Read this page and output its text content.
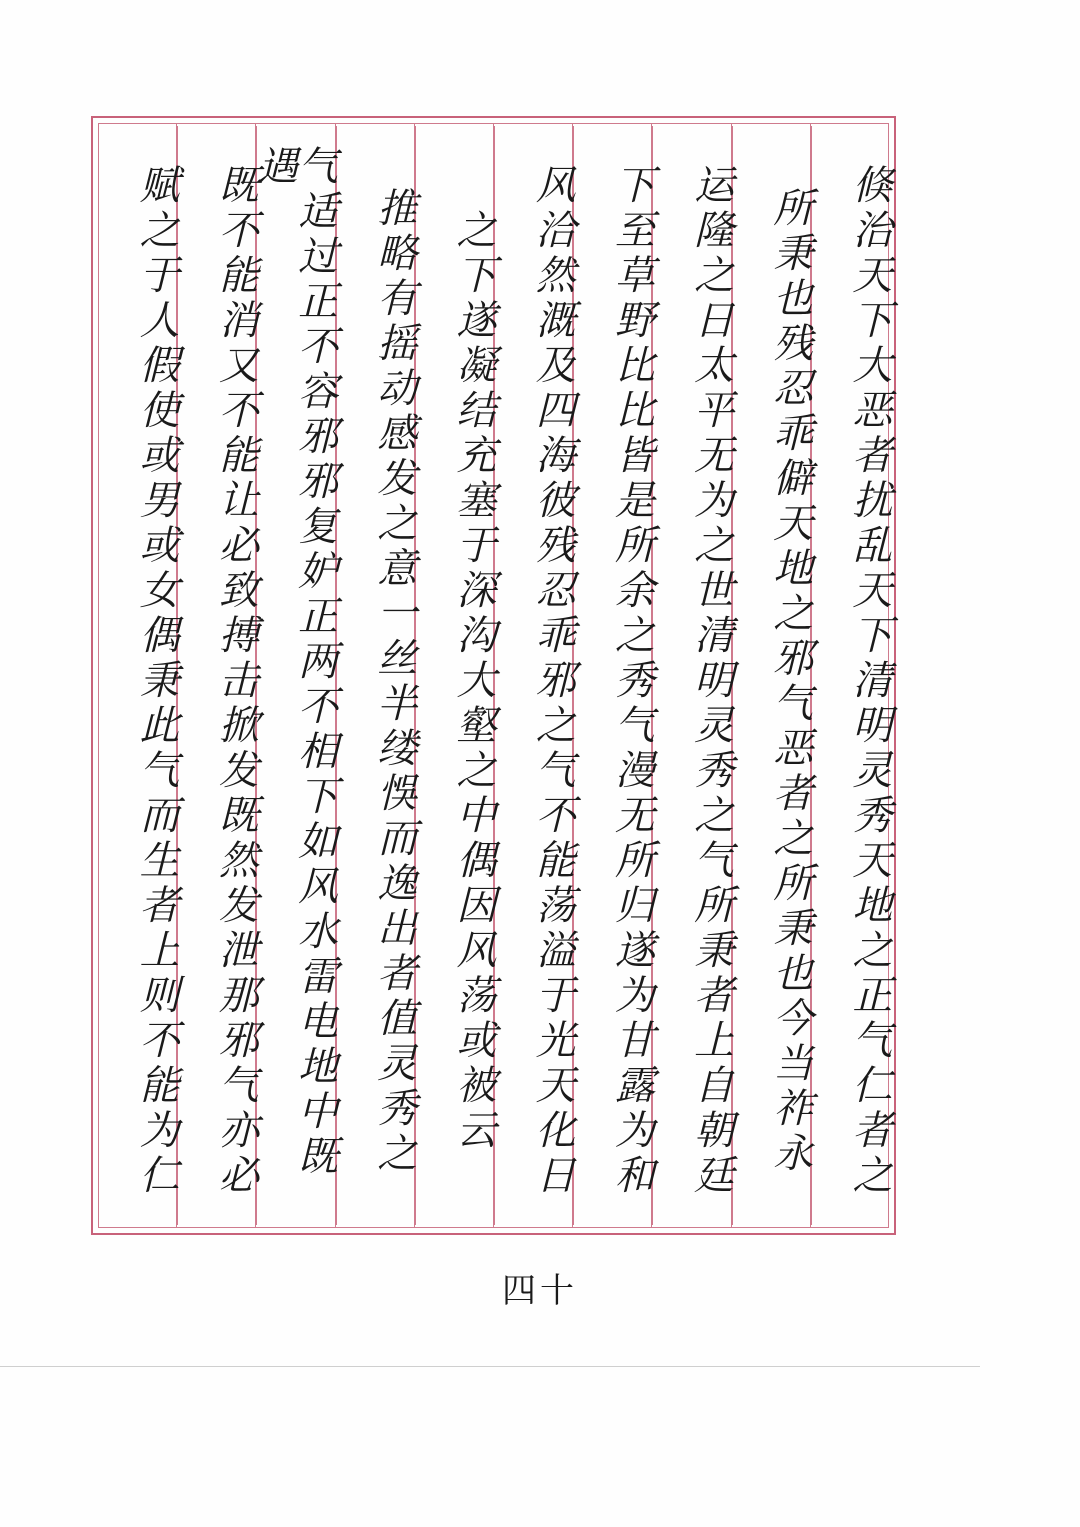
倏治天下大恶者扰乱天下清明灵秀天地之正气仁者之
所秉也残忍乖僻天地之邪气恶者之所秉也今当祚永
运隆之日太平无为之世清明灵秀之气所秉者上自朝廷
下至草野比比皆是所余之秀气漫无所归遂为甘露为和
风洽然溉及四海彼残忍乖邪之气不能荡溢于光天化日
之下遂凝结充塞于深沟大壑之中偶因风荡或被云
推略有摇动感发之意一丝半缕悞而逸出者值灵秀之
气适过正不容邪邪复妒正两不相下如风水雷电地中既遇
既不能消又不能让必致搏击掀发既然发泄那邪气亦必
赋之于人假使或男或女偶秉此气而生者上则不能为仁
四十
